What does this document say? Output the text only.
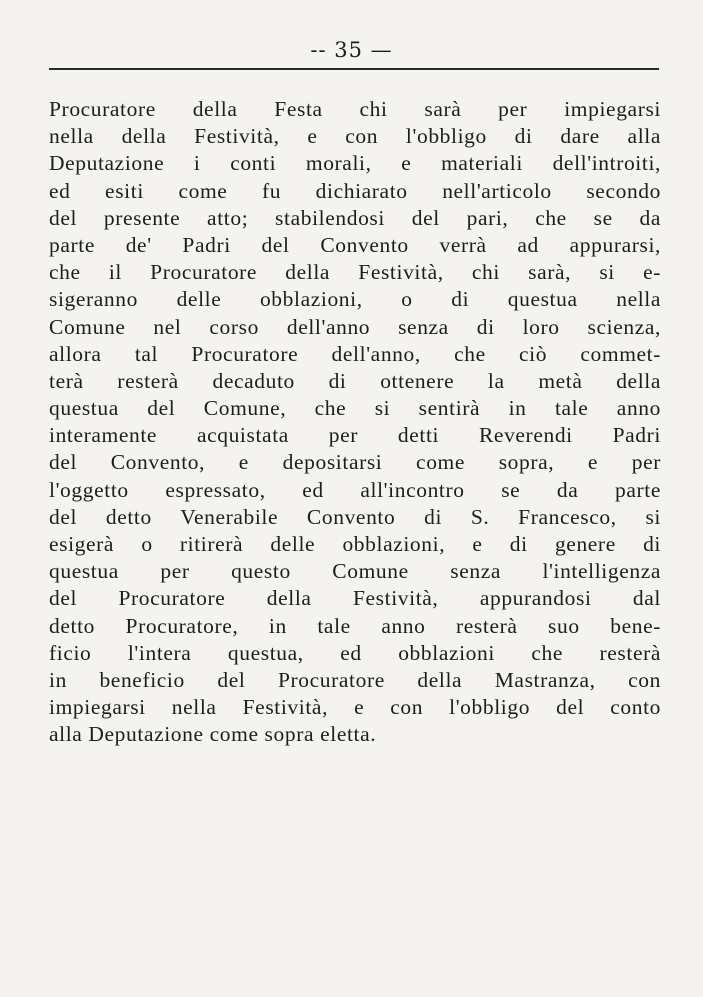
-- 35 —
Procuratore della Festa chi sarà per impiegarsi
nella della Festività, e con l'obbligo di dare alla
Deputazione i conti morali, e materiali dell'introiti,
ed esiti come fu dichiarato nell'articolo secondo
del presente atto; stabilendosi del pari, che se da
parte de' Padri del Convento verrà ad appurarsi,
che il Procuratore della Festività, chi sarà, si e-
sigeranno delle obblazioni, o di questua nella
Comune nel corso dell'anno senza di loro scienza,
allora tal Procuratore dell'anno, che ciò commet-
terà resterà decaduto di ottenere la metà della
questua del Comune, che si sentirà in tale anno
interamente acquistata per detti Reverendi Padri
del Convento, e depositarsi come sopra, e per
l'oggetto espressato, ed all'incontro se da parte
del detto Venerabile Convento di S. Francesco, si
esigerà o ritirerà delle obblazioni, e di genere di
questua per questo Comune senza l'intelligenza
del Procuratore della Festività, appurandosi dal
detto Procuratore, in tale anno resterà suo bene-
ficio l'intera questua, ed obblazioni che resterà
in beneficio del Procuratore della Mastranza, con
impiegarsi nella Festività, e con l'obbligo del conto
alla Deputazione come sopra eletta.
